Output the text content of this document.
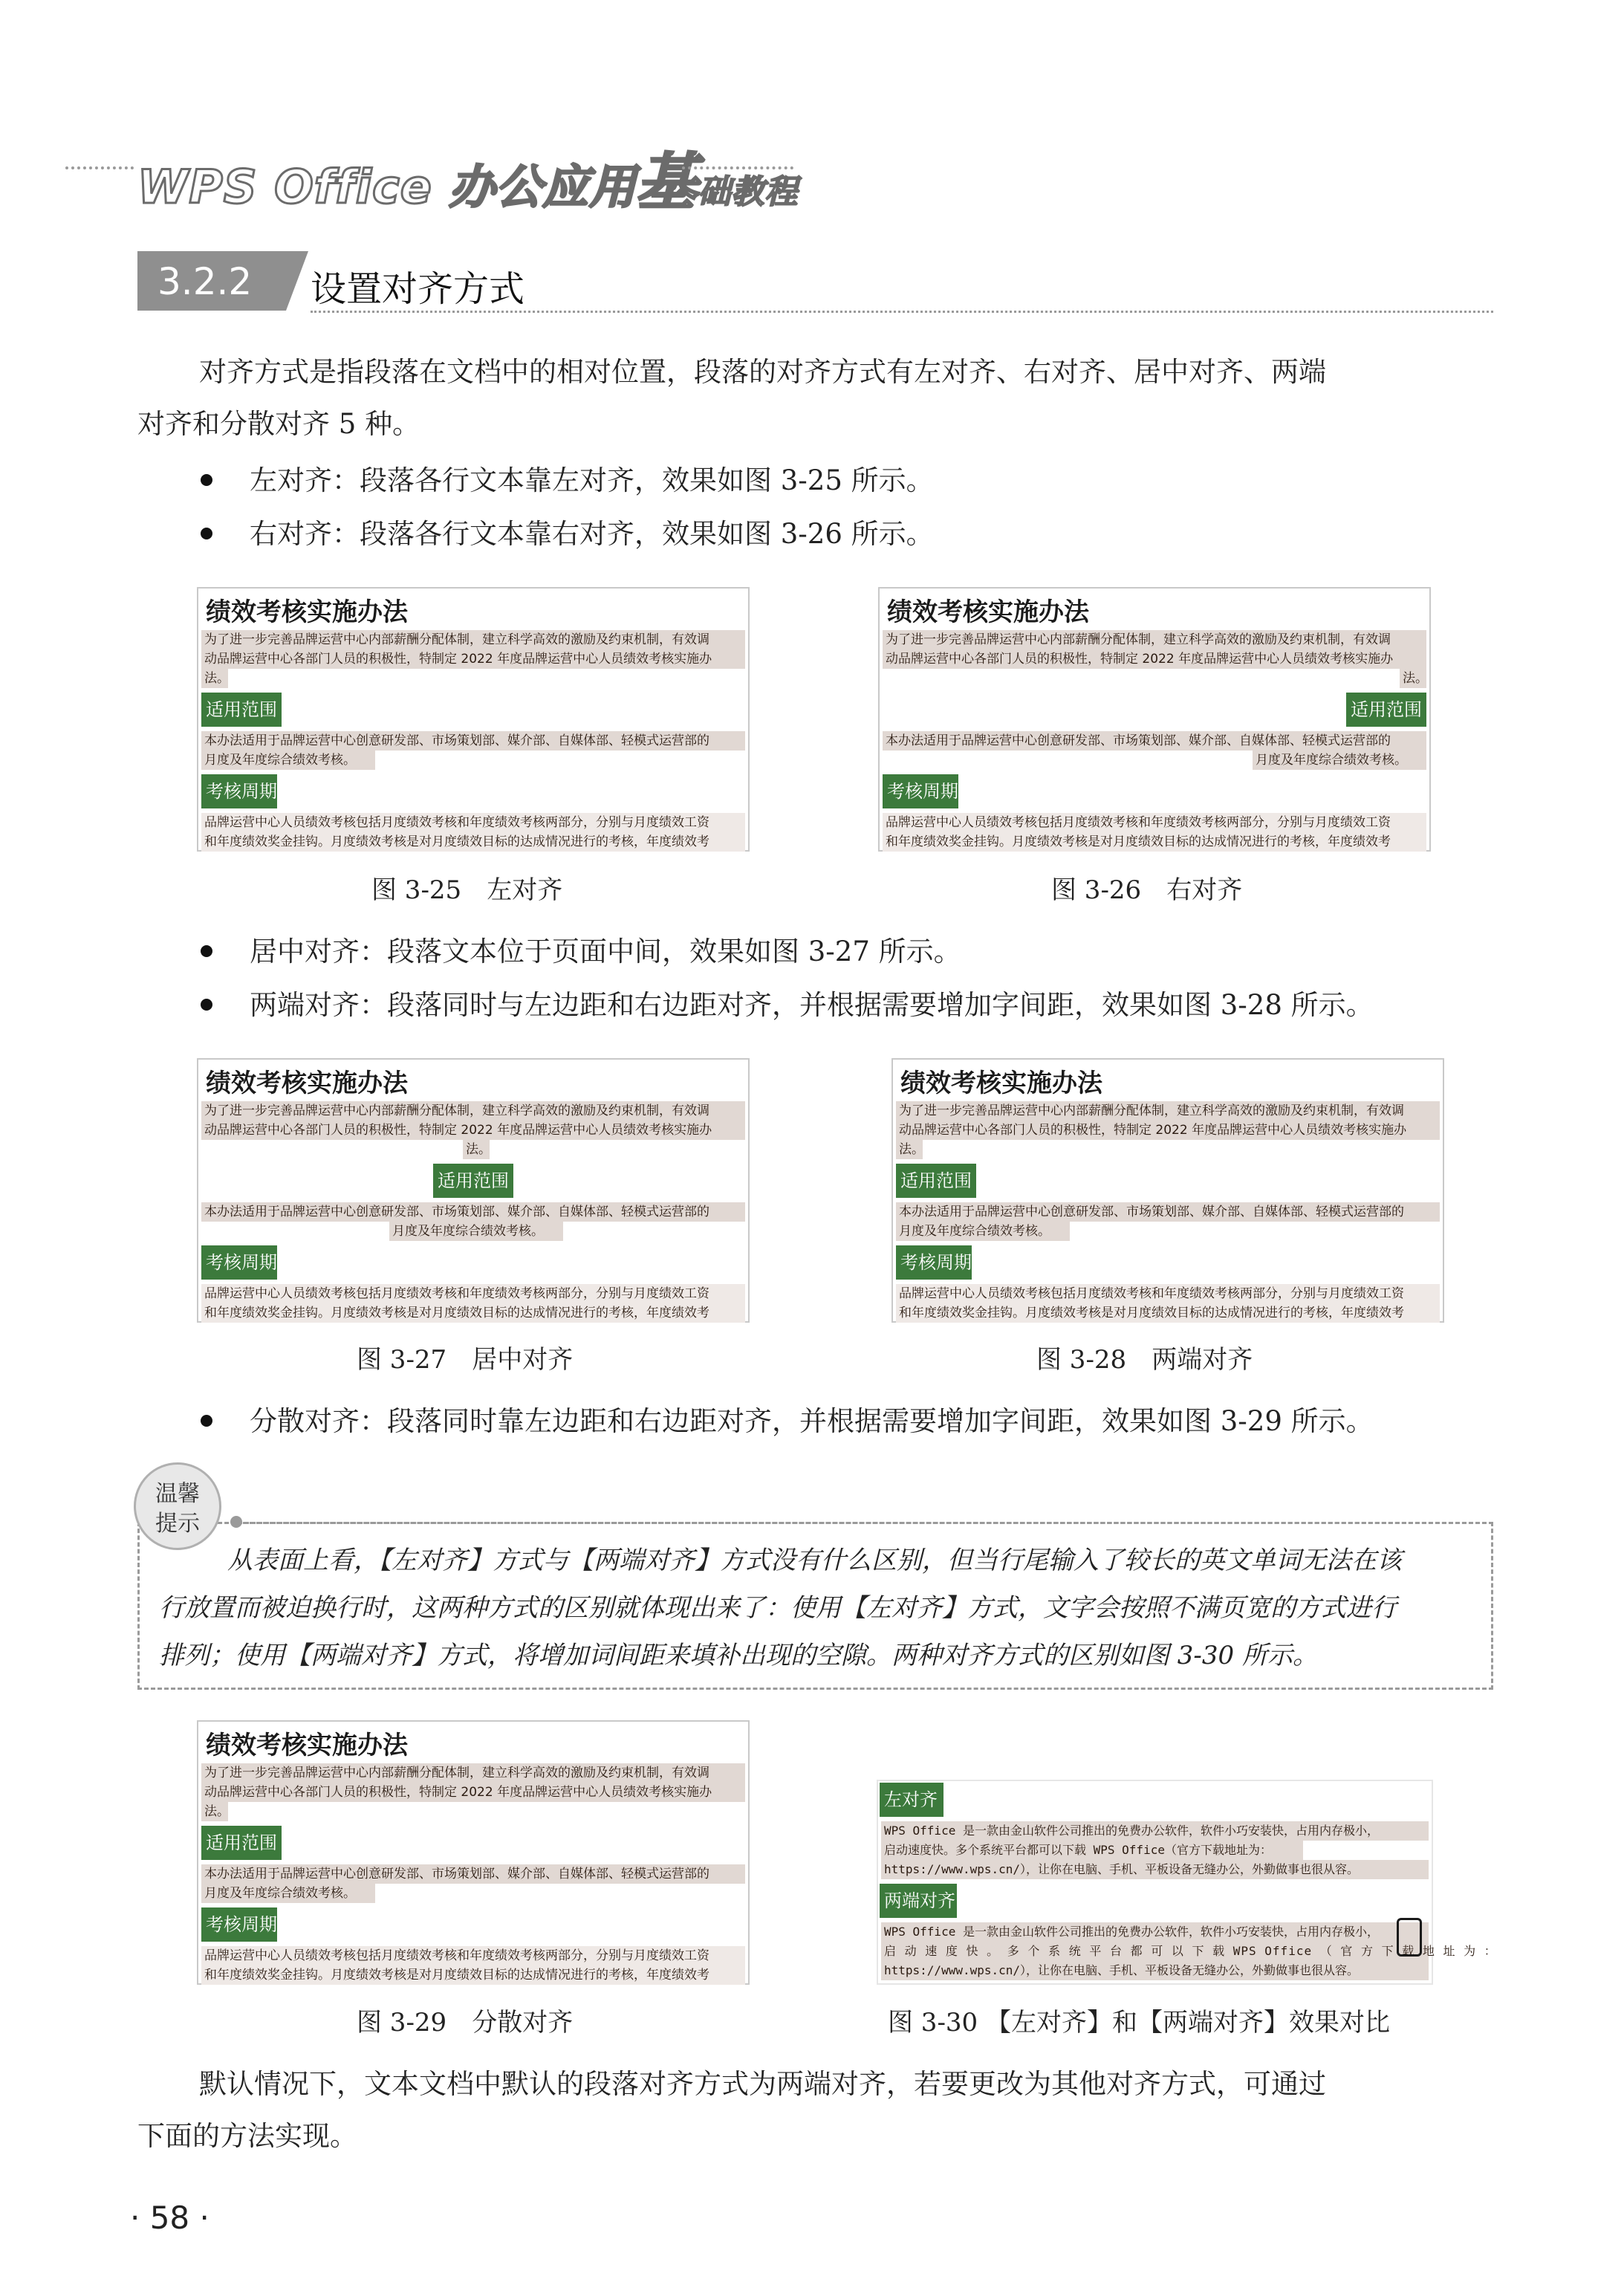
WPS Office 办公应用基础教程
3.2.2 设置对齐方式
对齐方式是指段落在文档中的相对位置，段落的对齐方式有左对齐、右对齐、居中对齐、两端
对齐和分散对齐 5 种。
左对齐：段落各行文本靠左对齐，效果如图 3-25 所示。
右对齐：段落各行文本靠右对齐，效果如图 3-26 所示。
绩效考核实施办法
为了进一步完善品牌运营中心内部薪酬分配体制，建立科学高效的激励及约束机制，有效调
动品牌运营中心各部门人员的积极性，特制定 2022 年度品牌运营中心人员绩效考核实施办
法。
适用范围
本办法适用于品牌运营中心创意研发部、市场策划部、媒介部、自媒体部、轻模式运营部的
月度及年度综合绩效考核。
考核周期
品牌运营中心人员绩效考核包括月度绩效考核和年度绩效考核两部分，分别与月度绩效工资
和年度绩效奖金挂钩。月度绩效考核是对月度绩效目标的达成情况进行的考核，年度绩效考
图 3-25　左对齐
绩效考核实施办法
为了进一步完善品牌运营中心内部薪酬分配体制，建立科学高效的激励及约束机制，有效调
动品牌运营中心各部门人员的积极性，特制定 2022 年度品牌运营中心人员绩效考核实施办
法。
适用范围
本办法适用于品牌运营中心创意研发部、市场策划部、媒介部、自媒体部、轻模式运营部的
月度及年度综合绩效考核。
考核周期
品牌运营中心人员绩效考核包括月度绩效考核和年度绩效考核两部分，分别与月度绩效工资
和年度绩效奖金挂钩。月度绩效考核是对月度绩效目标的达成情况进行的考核，年度绩效考
图 3-26　右对齐
居中对齐：段落文本位于页面中间，效果如图 3-27 所示。
两端对齐：段落同时与左边距和右边距对齐，并根据需要增加字间距，效果如图 3-28 所示。
绩效考核实施办法
为了进一步完善品牌运营中心内部薪酬分配体制，建立科学高效的激励及约束机制，有效调
动品牌运营中心各部门人员的积极性，特制定 2022 年度品牌运营中心人员绩效考核实施办
法。
适用范围
本办法适用于品牌运营中心创意研发部、市场策划部、媒介部、自媒体部、轻模式运营部的
月度及年度综合绩效考核。
考核周期
品牌运营中心人员绩效考核包括月度绩效考核和年度绩效考核两部分，分别与月度绩效工资
和年度绩效奖金挂钩。月度绩效考核是对月度绩效目标的达成情况进行的考核，年度绩效考
图 3-27　居中对齐
绩效考核实施办法
为了进一步完善品牌运营中心内部薪酬分配体制，建立科学高效的激励及约束机制，有效调
动品牌运营中心各部门人员的积极性，特制定 2022 年度品牌运营中心人员绩效考核实施办
法。
适用范围
本办法适用于品牌运营中心创意研发部、市场策划部、媒介部、自媒体部、轻模式运营部的
月度及年度综合绩效考核。
考核周期
品牌运营中心人员绩效考核包括月度绩效考核和年度绩效考核两部分，分别与月度绩效工资
和年度绩效奖金挂钩。月度绩效考核是对月度绩效目标的达成情况进行的考核，年度绩效考
图 3-28　两端对齐
分散对齐：段落同时靠左边距和右边距对齐，并根据需要增加字间距，效果如图 3-29 所示。
温馨
提示
从表面上看，【左对齐】方式与【两端对齐】方式没有什么区别，但当行尾输入了较长的英文单词无法在该
行放置而被迫换行时，这两种方式的区别就体现出来了：使用【左对齐】方式，文字会按照不满页宽的方式进行
排列；使用【两端对齐】方式，将增加词间距来填补出现的空隙。两种对齐方式的区别如图 3-30 所示。
绩效考核实施办法
为了进一步完善品牌运营中心内部薪酬分配体制，建立科学高效的激励及约束机制，有效调
动品牌运营中心各部门人员的积极性，特制定 2022 年度品牌运营中心人员绩效考核实施办
法。
适用范围
本办法适用于品牌运营中心创意研发部、市场策划部、媒介部、自媒体部、轻模式运营部的
月度及年度综合绩效考核。
考核周期
品牌运营中心人员绩效考核包括月度绩效考核和年度绩效考核两部分，分别与月度绩效工资
和年度绩效奖金挂钩。月度绩效考核是对月度绩效目标的达成情况进行的考核，年度绩效考
图 3-29　分散对齐
左对齐
WPS Office 是一款由金山软件公司推出的免费办公软件，软件小巧安装快，占用内存极小，
启动速度快。多个系统平台都可以下载 WPS Office（官方下载地址为：
https://www.wps.cn/），让你在电脑、手机、平板设备无缝办公，外勤做事也很从容。
两端对齐
WPS Office 是一款由金山软件公司推出的免费办公软件，软件小巧安装快，占用内存极小，
启 动 速 度 快 。 多 个 系 统 平 台 都 可 以 下 载 WPS Office （ 官 方 下 载 地 址 为 ：
https://www.wps.cn/），让你在电脑、手机、平板设备无缝办公，外勤做事也很从容。
图 3-30 【左对齐】和【两端对齐】效果对比
默认情况下，文本文档中默认的段落对齐方式为两端对齐，若要更改为其他对齐方式，可通过
下面的方法实现。
· 58 ·
